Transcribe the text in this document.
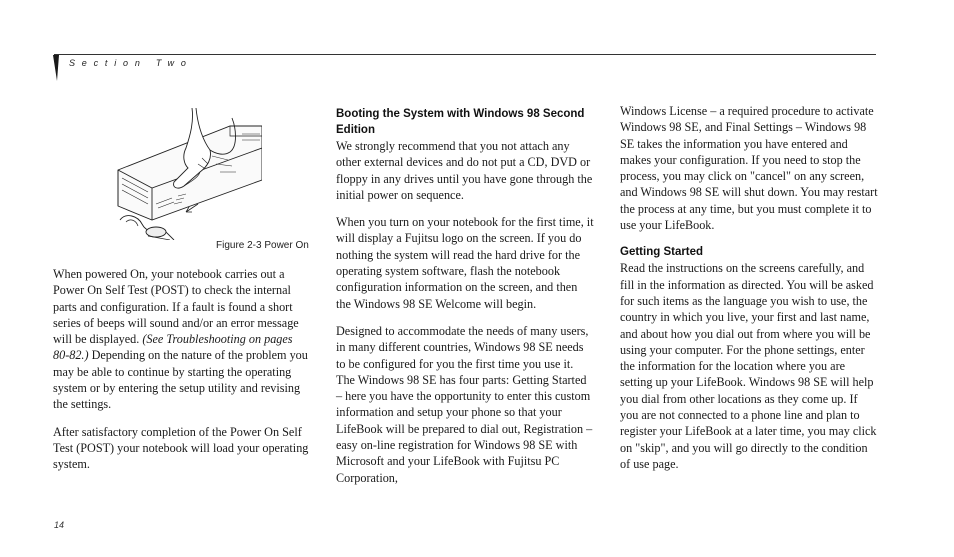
Section Two
Figure 2-3 Power On

When powered On, your notebook carries out a Power On Self Test (POST) to check the internal parts and configuration. If a fault is found a short series of beeps will sound and/or an error message will be displayed. (See Troubleshooting on pages 80-82.) Depending on the nature of the problem you may be able to continue by starting the operating system or by entering the setup utility and revising the settings.

After satisfactory completion of the Power On Self Test (POST) your notebook will load your operating system.

Booting the System with Windows 98 Second Edition

We strongly recommend that you not attach any other external devices and do not put a CD, DVD or floppy in any drives until you have gone through the initial power on sequence.

When you turn on your notebook for the first time, it will display a Fujitsu logo on the screen. If you do nothing the system will read the hard drive for the operating system software, flash the notebook configuration information on the screen, and then the Windows 98 SE Welcome will begin.

Designed to accommodate the needs of many users, in many different countries, Windows 98 SE needs to be configured for you the first time you use it. The Windows 98 SE has four parts: Getting Started – here you have the opportunity to enter this custom information and setup your phone so that your LifeBook will be prepared to dial out, Registration – easy on-line registration for Windows 98 SE with Microsoft and your LifeBook with Fujitsu PC Corporation,

Windows License – a required procedure to activate Windows 98 SE, and Final Settings – Windows 98 SE takes the information you have entered and makes your configuration. If you need to stop the process, you may click on "cancel" on any screen, and Windows 98 SE will shut down. You may restart the process at any time, but you must complete it to use your LifeBook.

Getting Started

Read the instructions on the screens carefully, and fill in the information as directed. You will be asked for such items as the language you wish to use, the country in which you live, your first and last name, and about how you dial out from where you will be using your computer. For the phone settings, enter the information for the location where you are setting up your LifeBook. Windows 98 SE will help you dial from other locations as they come up. If you are not connected to a phone line and plan to register your LifeBook at a later time, you may click on "skip", and you will go directly to the condition of use page.

14
